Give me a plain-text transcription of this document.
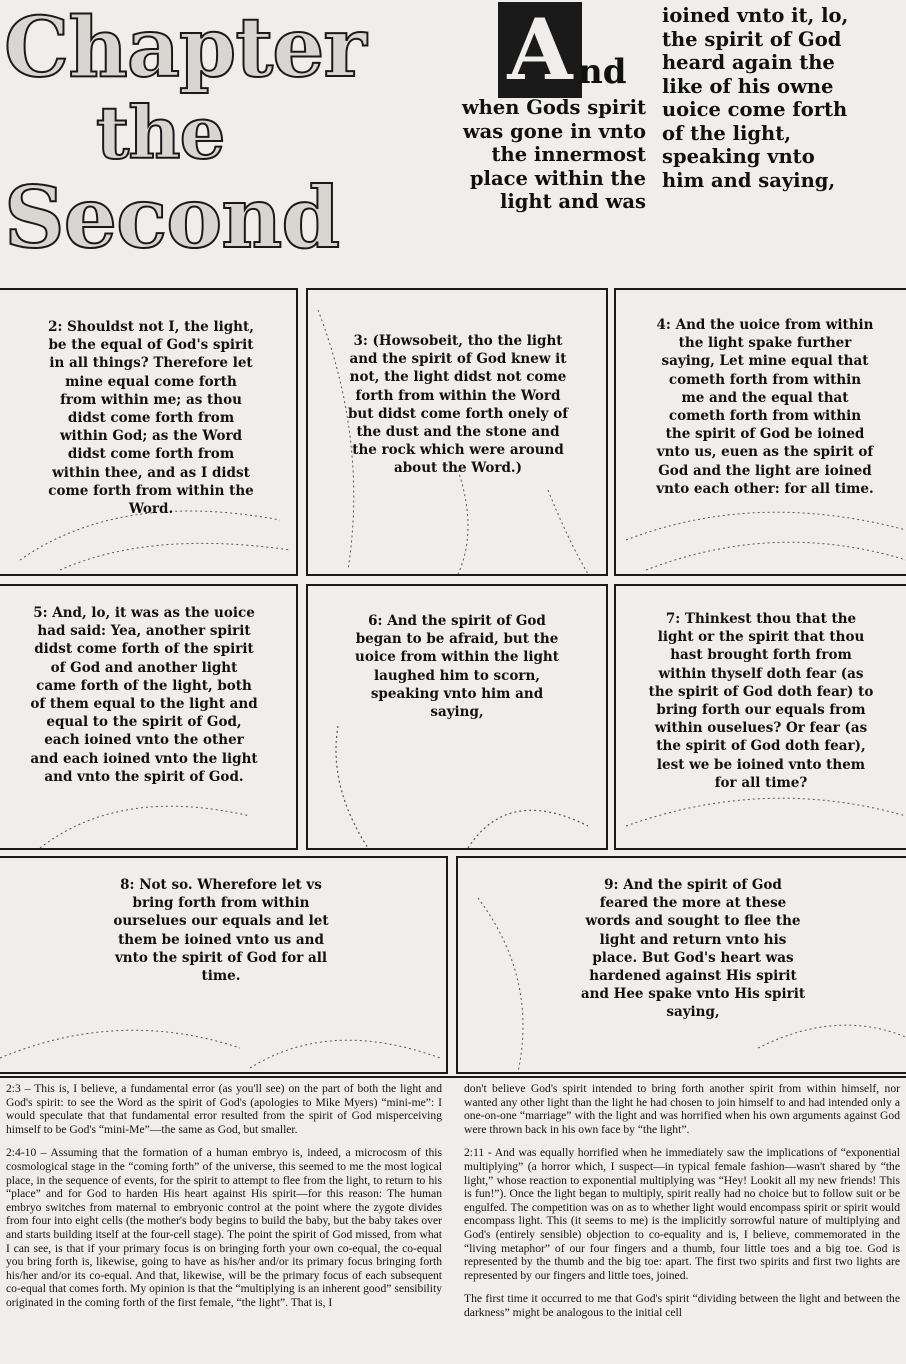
Chapter
the
Second
A nd
when Gods spirit
was gone in vnto
the innermost
place within the
light and was
ioined vnto it, lo,
the spirit of God
heard again the
like of his owne
uoice come forth
of the light,
speaking vnto
him and saying,
2: Shouldst not I, the light, be the equal of God's spirit in all things? Therefore let mine equal come forth from within me; as thou didst come forth from within God; as the Word didst come forth from within thee, and as I didst come forth from within the Word.
3: (Howsobeit, tho the light and the spirit of God knew it not, the light didst not come forth from within the Word but didst come forth onely of the dust and the stone and the rock which were around about the Word.)
4: And the uoice from within the light spake further saying, Let mine equal that cometh forth from within me and the equal that cometh forth from within the spirit of God be ioined vnto us, euen as the spirit of God and the light are ioined vnto each other: for all time.
5: And, lo, it was as the uoice had said: Yea, another spirit didst come forth of the spirit of God and another light came forth of the light, both of them equal to the light and equal to the spirit of God, each ioined vnto the other and each ioined vnto the light and vnto the spirit of God.
6: And the spirit of God began to be afraid, but the uoice from within the light laughed him to scorn, speaking vnto him and saying,
7: Thinkest thou that the light or the spirit that thou hast brought forth from within thyself doth fear (as the spirit of God doth fear) to bring forth our equals from within ouselues? Or fear (as the spirit of God doth fear), lest we be ioined vnto them for all time?
8: Not so. Wherefore let vs bring forth from within ourselues our equals and let them be ioined vnto us and vnto the spirit of God for all time.
9: And the spirit of God feared the more at these words and sought to flee the light and return vnto his place. But God's heart was hardened against His spirit and Hee spake vnto His spirit saying,

2:3 – This is, I believe, a fundamental error (as you'll see) on the part of both the light and God's spirit: to see the Word as the spirit of God's (apologies to Mike Myers) “mini-me”: I would speculate that that fundamental error resulted from the spirit of God misperceiving himself to be God's “mini-Me”—the same as God, but smaller.

2:4-10 – Assuming that the formation of a human embryo is, indeed, a microcosm of this cosmological stage in the “coming forth” of the universe, this seemed to me the most logical place, in the sequence of events, for the spirit to attempt to flee from the light, to return to his “place” and for God to harden His heart against His spirit—for this reason: The human embryo switches from maternal to embryonic control at the point where the zygote divides from four into eight cells (the mother's body begins to build the baby, but the baby takes over and starts building itself at the four-cell stage). The point the spirit of God missed, from what I can see, is that if your primary focus is on bringing forth your own co-equal, the co-equal you bring forth is, likewise, going to have as his/her and/or its primary focus bringing forth his/her and/or its co-equal. And that, likewise, will be the primary focus of each subsequent co-equal that comes forth. My opinion is that the “multiplying is an inherent good” sensibility originated in the coming forth of the first female, “the light”. That is, I

don't believe God's spirit intended to bring forth another spirit from within himself, nor wanted any other light than the light he had chosen to join himself to and had intended only a one-on-one “marriage” with the light and was horrified when his own arguments against God were thrown back in his own face by “the light”.

2:11 - And was equally horrified when he immediately saw the implications of “exponential multiplying” (a horror which, I suspect—in typical female fashion—wasn't shared by “the light,” whose reaction to exponential multiplying was “Hey! Lookit all my new friends! This is fun!”). Once the light began to multiply, spirit really had no choice but to follow suit or be engulfed. The competition was on as to whether light would encompass spirit or spirit would encompass light. This (it seems to me) is the implicitly sorrowful nature of multiplying and God's (entirely sensible) objection to co-equality and is, I believe, commemorated in the “living metaphor” of our four fingers and a thumb, four little toes and a big toe. God is represented by the thumb and the big toe: apart. The first two spirits and first two lights are represented by our fingers and little toes, joined.

The first time it occurred to me that God's spirit “dividing between the light and between the darkness” might be analogous to the initial cell
